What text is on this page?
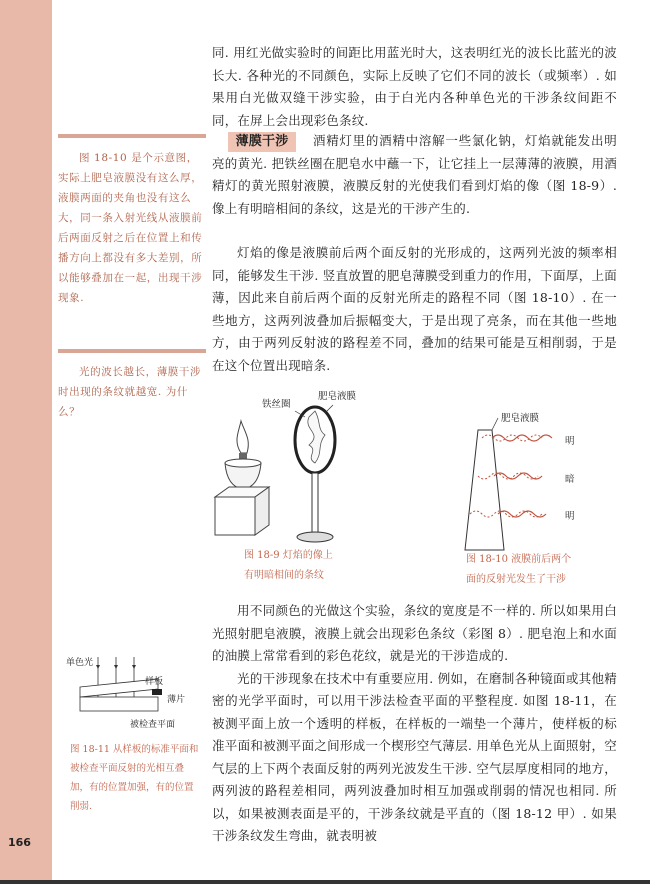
166

同. 用红光做实验时的间距比用蓝光时大，这表明红光的波长比蓝光的波长大. 各种光的不同颜色，实际上反映了它们不同的波长（或频率）. 如果用白光做双缝干涉实验，由于白光内各种单色光的干涉条纹间距不同，在屏上会出现彩色条纹.

薄膜干涉 酒精灯里的酒精中溶解一些氯化钠，灯焰就能发出明亮的黄光. 把铁丝圈在肥皂水中蘸一下，让它挂上一层薄薄的液膜，用酒精灯的黄光照射液膜，液膜反射的光使我们看到灯焰的像（图 18-9）. 像上有明暗相间的条纹，这是光的干涉产生的.

灯焰的像是液膜前后两个面反射的光形成的，这两列光波的频率相同，能够发生干涉. 竖直放置的肥皂薄膜受到重力的作用，下面厚，上面薄，因此来自前后两个面的反射光所走的路程不同（图 18-10）. 在一些地方，这两列波叠加后振幅变大，于是出现了亮条，而在其他一些地方，由于两列反射波的路程差不同，叠加的结果可能是互相削弱，于是在这个位置出现暗条.

用不同颜色的光做这个实验，条纹的宽度是不一样的. 所以如果用白光照射肥皂液膜，液膜上就会出现彩色条纹（彩图 8）. 肥皂泡上和水面的油膜上常常看到的彩色花纹，就是光的干涉造成的.

光的干涉现象在技术中有重要应用. 例如，在磨制各种镜面或其他精密的光学平面时，可以用干涉法检查平面的平整程度. 如图 18-11，在被测平面上放一个透明的样板，在样板的一端垫一个薄片，使样板的标准平面和被测平面之间形成一个楔形空气薄层. 用单色光从上面照射，空气层的上下两个表面反射的两列光波发生干涉. 空气层厚度相同的地方，两列波的路程差相同，两列波叠加时相互加强或削弱的情况也相同. 所以，如果被测表面是平的，干涉条纹就是平直的（图 18-12 甲）. 如果干涉条纹发生弯曲，就表明被

图 18-10 是个示意图，实际上肥皂液膜没有这么厚，液膜两面的夹角也没有这么大，同一条入射光线从液膜前后两面反射之后在位置上和传播方向上都没有多大差别，所以能够叠加在一起，出现干涉现象.

光的波长越长，薄膜干涉时出现的条纹就越宽. 为什么？

铁丝圈
肥皂液膜
图 18-9 灯焰的像上
有明暗相间的条纹
肥皂液膜
明
暗
明
图 18-10 液膜前后两个
面的反射光发生了干涉
单色光
样板
薄片
被检查平面
图 18-11 从样板的标准平面和被检查平面反射的光相互叠加，有的位置加强，有的位置削弱.
